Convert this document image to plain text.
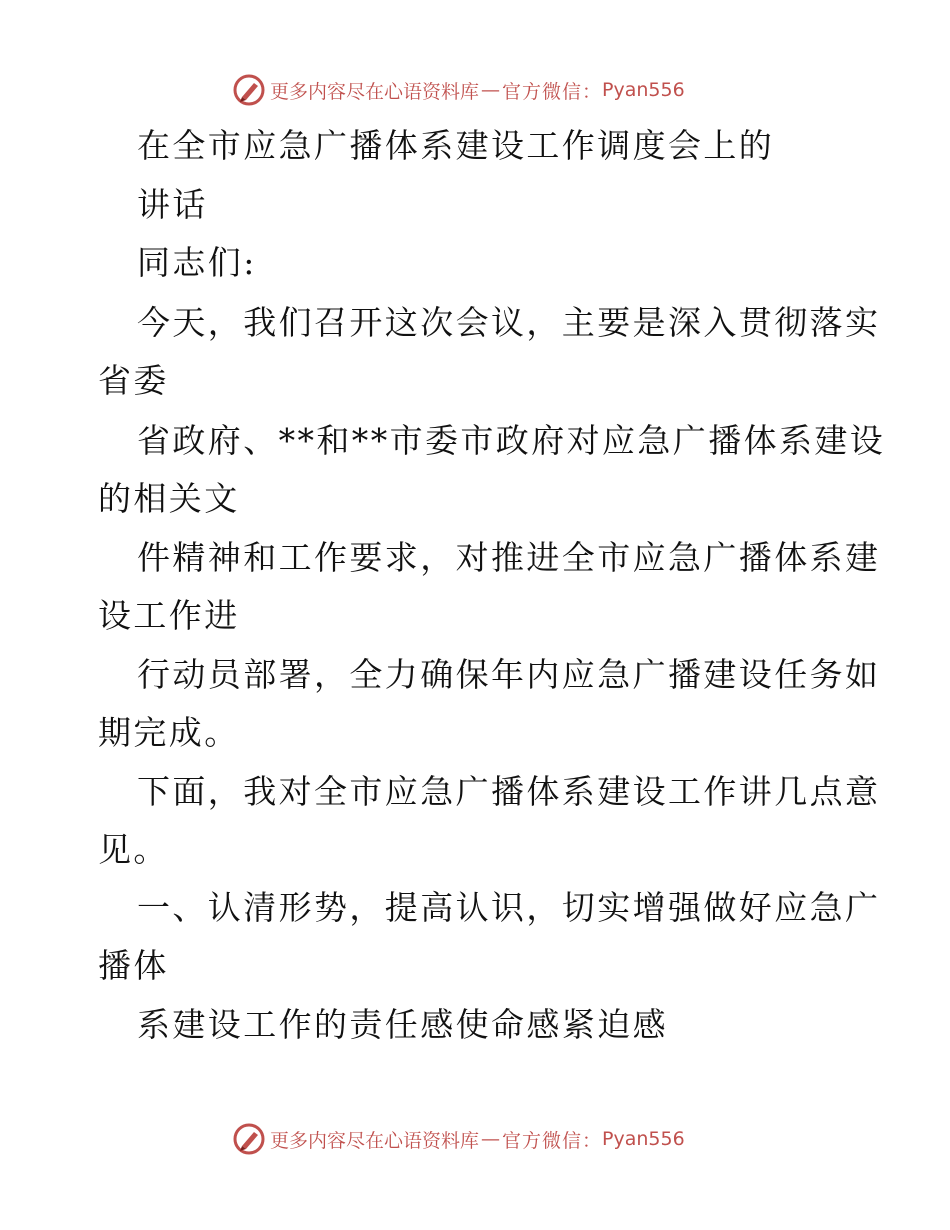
更多内容尽在心语资料库 — 官方微信： Pyan556
在全市应急广播体系建设工作调度会上的
讲话
同志们:
今天，我们召开这次会议，主要是深入贯彻落实
省委
省政府、**和**市委市政府对应急广播体系建设
的相关文
件精神和工作要求，对推进全市应急广播体系建
设工作进
行动员部署，全力确保年内应急广播建设任务如
期完成。
下面，我对全市应急广播体系建设工作讲几点意
见。
一、认清形势，提高认识，切实增强做好应急广
播体
系建设工作的责任感使命感紧迫感
更多内容尽在心语资料库 — 官方微信： Pyan556
